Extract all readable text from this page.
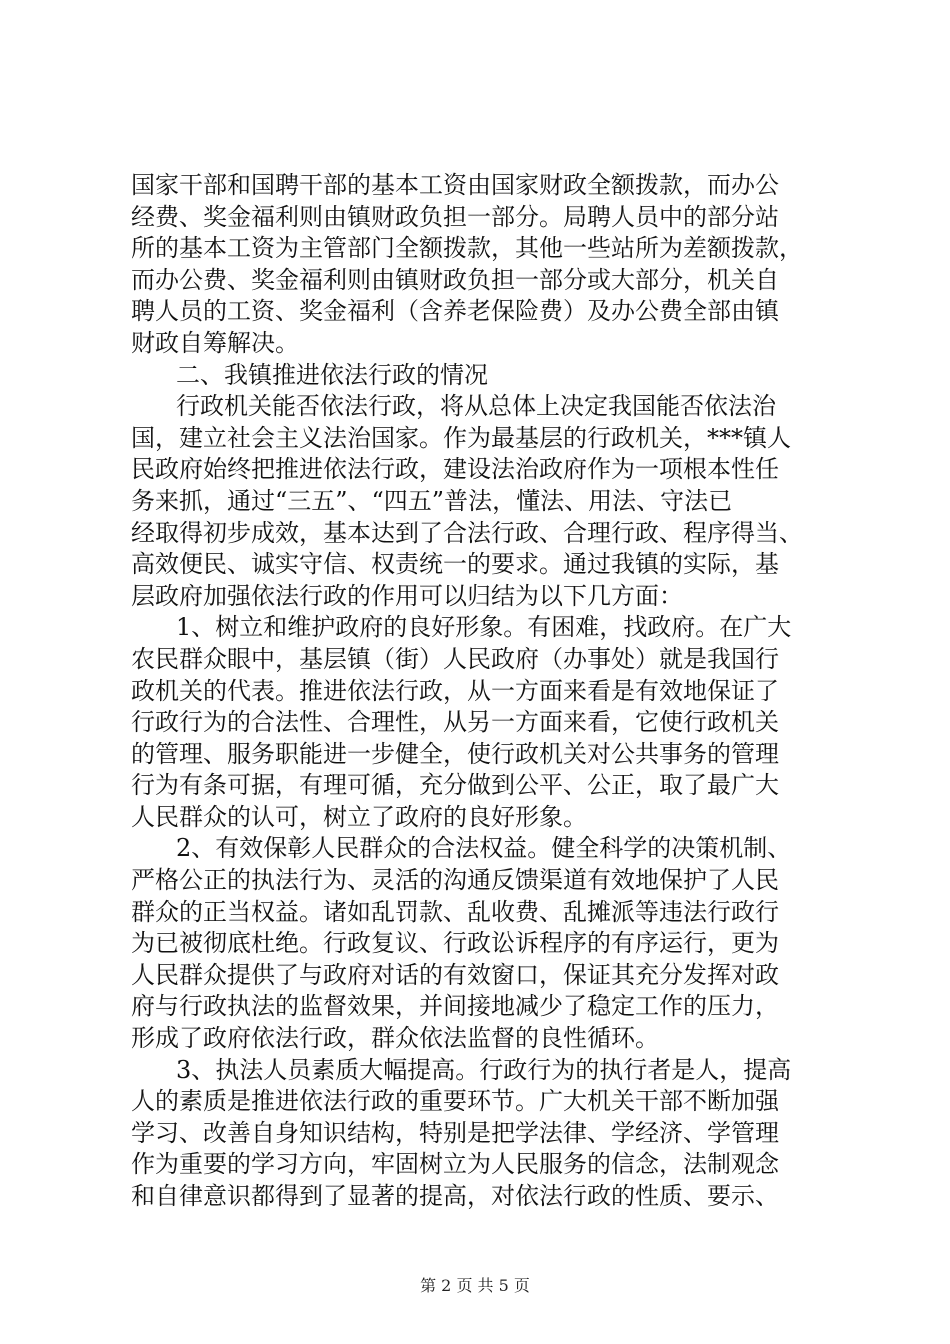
国家干部和国聘干部的基本工资由国家财政全额拨款，而办公
经费、奖金福利则由镇财政负担一部分。局聘人员中的部分站
所的基本工资为主管部门全额拨款，其他一些站所为差额拨款，
而办公费、奖金福利则由镇财政负担一部分或大部分，机关自
聘人员的工资、奖金福利（含养老保险费）及办公费全部由镇
财政自筹解决。
二、我镇推进依法行政的情况
行政机关能否依法行政，将从总体上决定我国能否依法治
国，建立社会主义法治国家。作为最基层的行政机关，***镇人
民政府始终把推进依法行政，建设法治政府作为一项根本性任
务来抓，通过“三五”、“四五”普法，懂法、用法、守法已
经取得初步成效，基本达到了合法行政、合理行政、程序得当、
高效便民、诚实守信、权责统一的要求。通过我镇的实际，基
层政府加强依法行政的作用可以归结为以下几方面：
1、树立和维护政府的良好形象。有困难，找政府。在广大
农民群众眼中，基层镇（街）人民政府（办事处）就是我国行
政机关的代表。推进依法行政，从一方面来看是有效地保证了
行政行为的合法性、合理性，从另一方面来看，它使行政机关
的管理、服务职能进一步健全，使行政机关对公共事务的管理
行为有条可据，有理可循，充分做到公平、公正，取了最广大
人民群众的认可，树立了政府的良好形象。
2、有效保彰人民群众的合法权益。健全科学的决策机制、
严格公正的执法行为、灵活的沟通反馈渠道有效地保护了人民
群众的正当权益。诸如乱罚款、乱收费、乱摊派等违法行政行
为已被彻底杜绝。行政复议、行政讼诉程序的有序运行，更为
人民群众提供了与政府对话的有效窗口，保证其充分发挥对政
府与行政执法的监督效果，并间接地减少了稳定工作的压力，
形成了政府依法行政，群众依法监督的良性循环。
3、执法人员素质大幅提高。行政行为的执行者是人，提高
人的素质是推进依法行政的重要环节。广大机关干部不断加强
学习、改善自身知识结构，特别是把学法律、学经济、学管理
作为重要的学习方向，牢固树立为人民服务的信念，法制观念
和自律意识都得到了显著的提高，对依法行政的性质、要示、
第 2 页 共 5 页
